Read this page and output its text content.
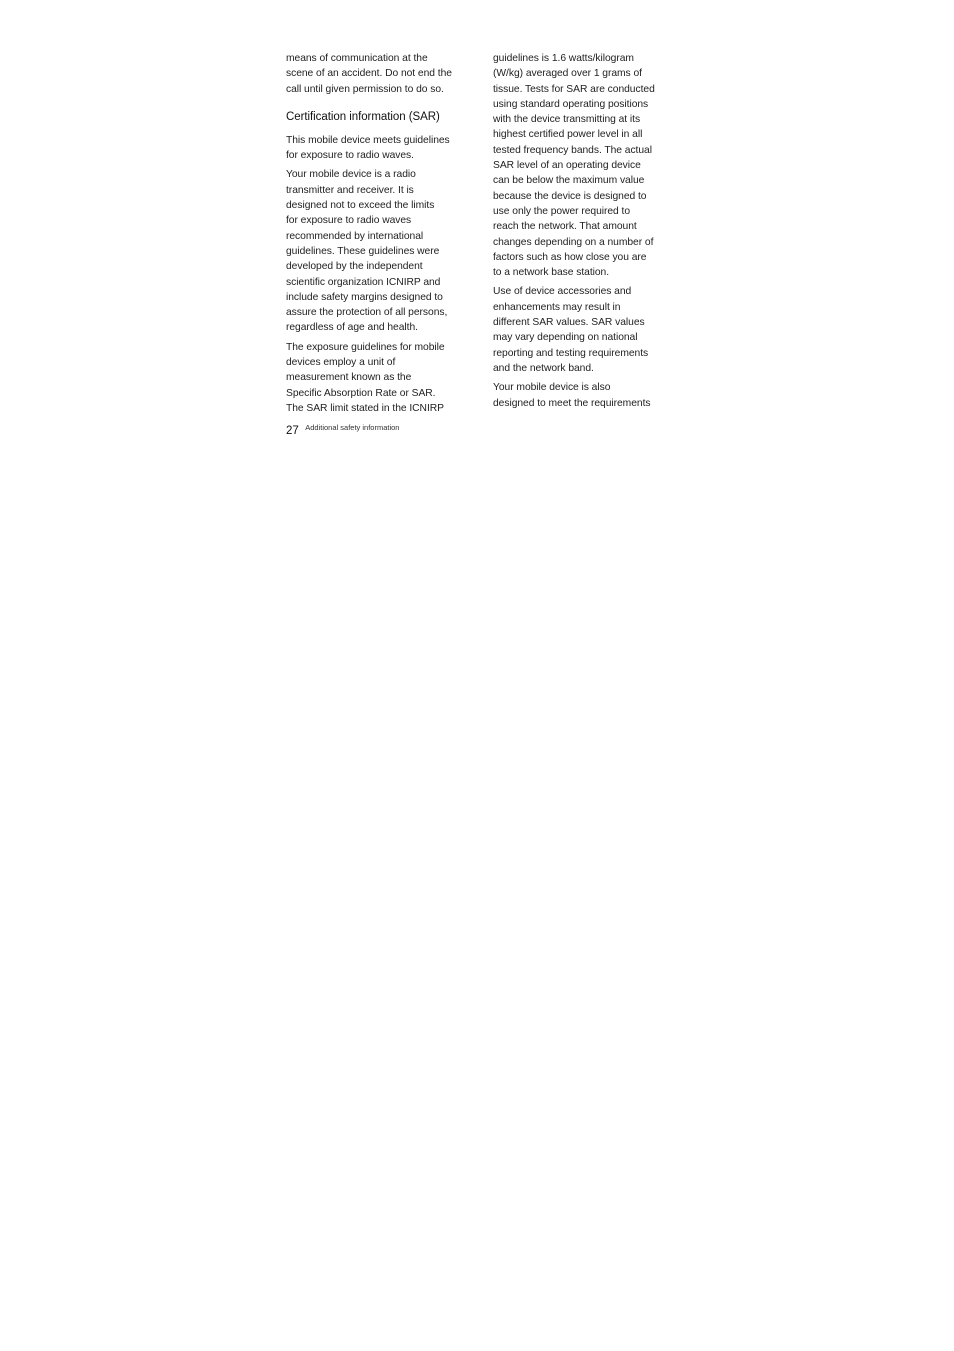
means of communication at the
scene of an accident. Do not end the
call until given permission to do so.

Certification information (SAR)

This mobile device meets guidelines
for exposure to radio waves.

Your mobile device is a radio
transmitter and receiver. It is
designed not to exceed the limits
for exposure to radio waves
recommended by international
guidelines. These guidelines were
developed by the independent
scientific organization ICNIRP and
include safety margins designed to
assure the protection of all persons,
regardless of age and health.

The exposure guidelines for mobile
devices employ a unit of
measurement known as the
Specific Absorption Rate or SAR.
The SAR limit stated in the ICNIRP

guidelines is 1.6 watts/kilogram
(W/kg) averaged over 1 grams of
tissue. Tests for SAR are conducted
using standard operating positions
with the device transmitting at its
highest certified power level in all
tested frequency bands. The actual
SAR level of an operating device
can be below the maximum value
because the device is designed to
use only the power required to
reach the network. That amount
changes depending on a number of
factors such as how close you are
to a network base station.

Use of device accessories and
enhancements may result in
different SAR values. SAR values
may vary depending on national
reporting and testing requirements
and the network band.

Your mobile device is also
designed to meet the requirements

27 $^{Additional safety information}$
